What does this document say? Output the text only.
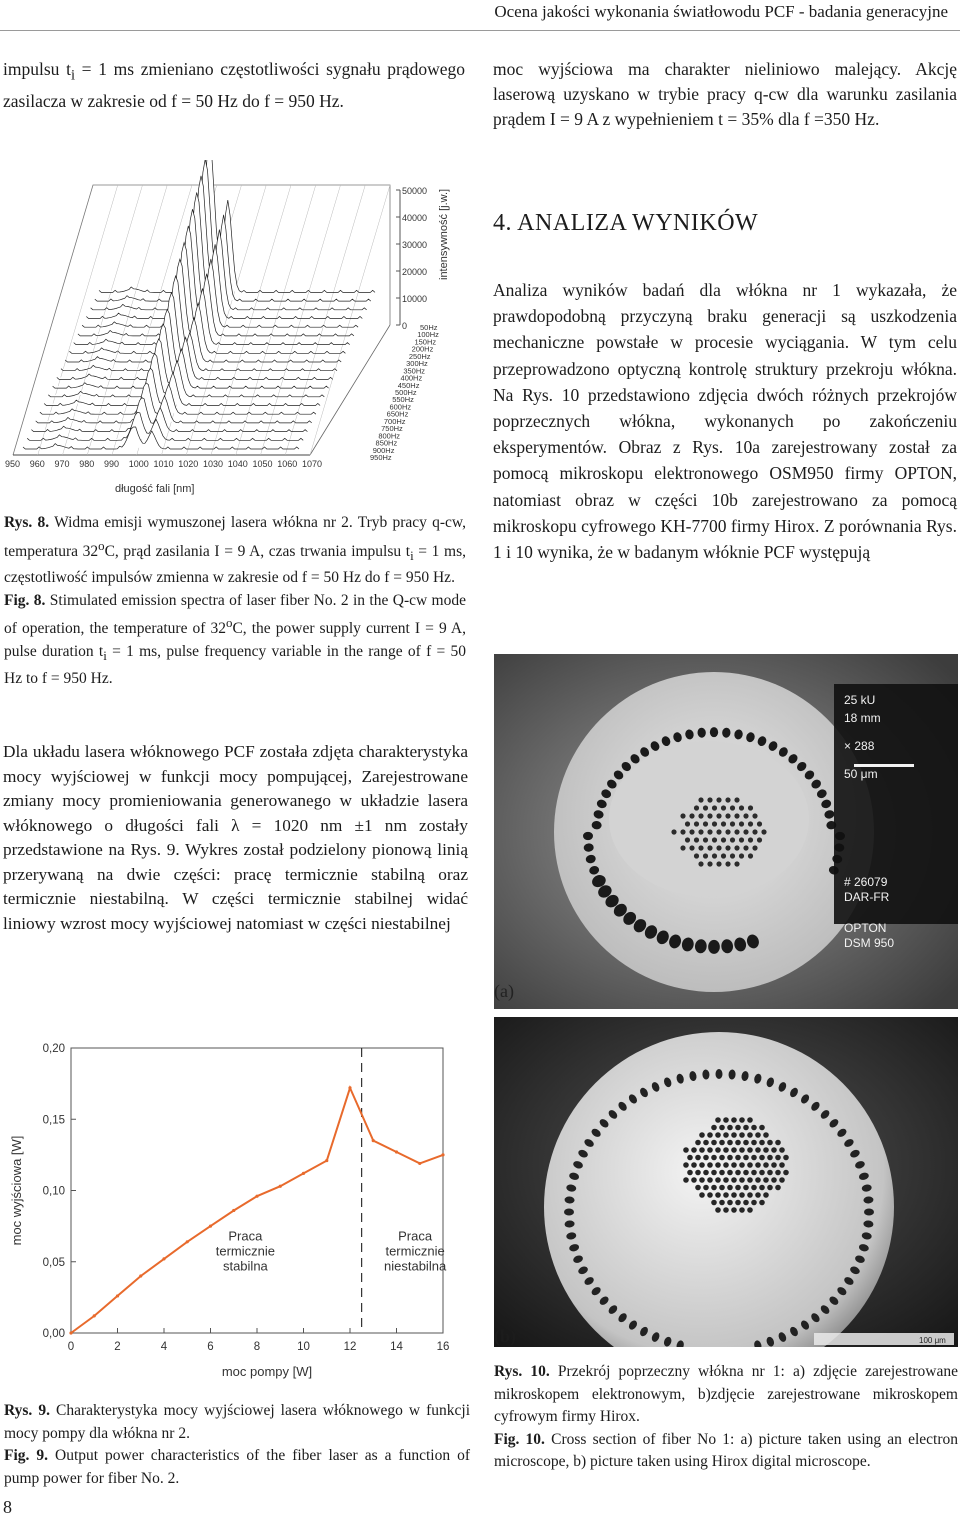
Ocena jakości wykonania światłowodu PCF - badania generacyjne

impulsu $t_i = 1$ ms zmieniano częstotliwości sygnału prądowego zasilacza w zakresie od f = 50 Hz do f = 950 Hz.

moc wyjściowa ma charakter nieliniowo malejący. Akcję laserową uzyskano w trybie pracy q-cw dla warunku zasilania prądem I = 9 A z wypełnieniem t = 35% dla f =350 Hz.

50000
40000
30000
20000
10000
0
intensywność [j.w.]
50Hz
100Hz
150Hz
200Hz
250Hz
300Hz
350Hz
400Hz
450Hz
500Hz
550Hz
600Hz
650Hz
700Hz
750Hz
800Hz
850Hz
900Hz
950Hz
950 960 970 980 990 1000 1010 1020 1030 1040 1050 1060 1070
długość fali [nm]

Rys. 8. Widma emisji wymuszonej lasera włókna nr 2. Tryb pracy q-cw, temperatura 32$^o$C, prąd zasilania I = 9 A, czas trwania impulsu $t_i = 1$ ms, częstotliwość impulsów zmienna w zakresie od f = 50 Hz do f = 950 Hz.
Fig. 8. Stimulated emission spectra of laser fiber No. 2 in the Q-cw mode of operation, the temperature of 32$^o$C, the power supply current I = 9 A, pulse duration $t_i = 1$ ms, pulse frequency variable in the range of f = 50 Hz to f = 950 Hz.

4. ANALIZA WYNIKÓW

Analiza wyników badań dla włókna nr 1 wykazała, że prawdopodobną przyczyną braku generacji są uszkodzenia mechaniczne powstałe w procesie wyciągania. W tym celu przeprowadzono optyczną kontrolę struktury przekroju włókna. Na Rys. 10 przedstawiono zdjęcia dwóch różnych przekrojów poprzecznych włókna, wykonanych po zakończeniu eksperymentów. Obraz z Rys. 10a zarejestrowany został za pomocą mikroskopu elektronowego OSM950 firmy OPTON, natomiast obraz w części 10b zarejestrowano za pomocą mikroskopu cyfrowego KH-7700 firmy Hirox. Z porównania Rys. 1 i 10 wynika, że w badanym włóknie PCF występują

Dla układu lasera włóknowego PCF została zdjęta charakterystyka mocy wyjściowej w funkcji mocy pompującej, Zarejestrowane zmiany mocy promieniowania generowanego w układzie lasera włóknowego o długości fali λ = 1020 nm ±1 nm zostały przedstawione na Rys. 9. Wykres został podzielony pionową linią przerywaną na dwie części: pracę termicznie stabilną oraz termicznie niestabilną. W części termicznie stabilnej widać liniowy wzrost mocy wyjściowej natomiast w części niestabilnej

0	2	4	6	8	10	12	14	16
0,00
0,05
0,10
0,15
0,20
moc pompy [W]
moc wyjściowa [W]	Praca termicznie stabilna
Praca termicznie niestabilna

Rys. 9. Charakterystyka mocy wyjściowej lasera włóknowego w funkcji mocy pompy dla włókna nr 2.
Fig. 9. Output power characteristics of the fiber laser as a function of pump power for fiber No. 2.

8
25 kU
18 mm
× 288
50 μm
# 26079
DAR-FR
OPTON
DSM 950
(a)
100 μm
(b)

Rys. 10. Przekrój poprzeczny włókna nr 1: a) zdjęcie zarejestrowane mikroskopem elektronowym, b)zdjęcie zarejestrowane mikroskopem cyfrowym firmy Hirox.
Fig. 10. Cross section of fiber No 1: a) picture taken using an electron microscope, b) picture taken using Hirox digital microscope.
